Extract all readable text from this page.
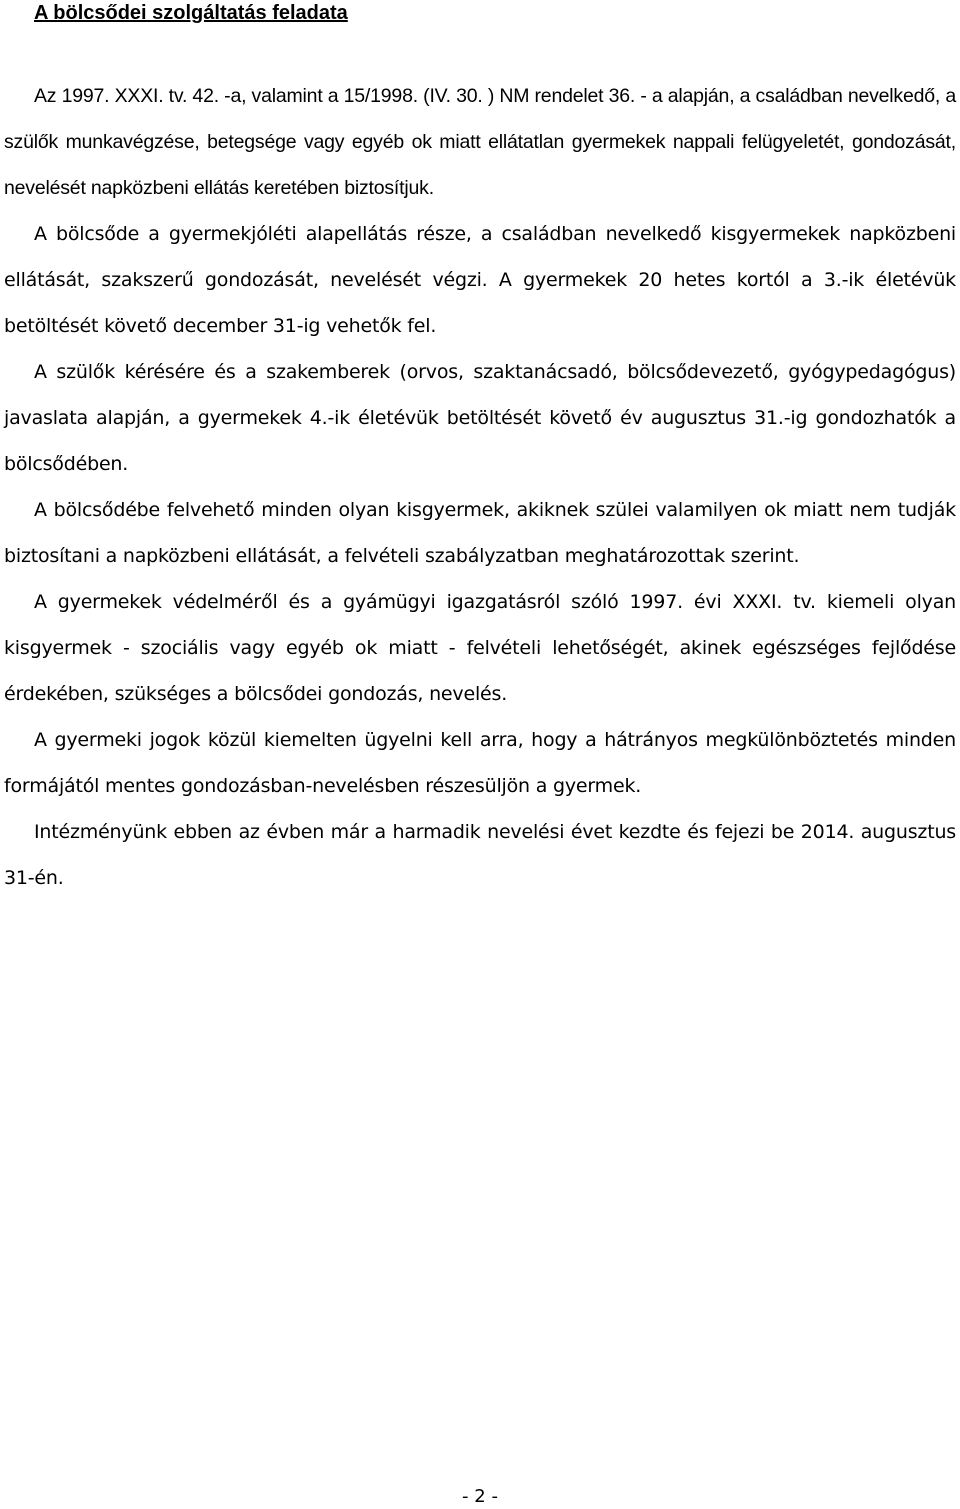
A bölcsődei szolgáltatás feladata

Az 1997. XXXI. tv. 42. -a, valamint a 15/1998. (IV. 30. ) NM rendelet 36. - a alapján, a családban nevelkedő, a szülők munkavégzése, betegsége vagy egyéb ok miatt ellátatlan gyermekek nappali felügyeletét, gondozását, nevelését napközbeni ellátás keretében biztosítjuk.

A bölcsőde a gyermekjóléti alapellátás része, a családban nevelkedő kisgyermekek napközbeni ellátását, szakszerű gondozását, nevelését végzi. A gyermekek 20 hetes kortól a 3.-ik életévük betöltését követő december 31-ig vehetők fel.

A szülők kérésére és a szakemberek (orvos, szaktanácsadó, bölcsődevezető, gyógypedagógus) javaslata alapján, a gyermekek 4.-ik életévük betöltését követő év augusztus 31.-ig gondozhatók a bölcsődében.

A bölcsődébe felvehető minden olyan kisgyermek, akiknek szülei valamilyen ok miatt nem tudják biztosítani a napközbeni ellátását, a felvételi szabályzatban meghatározottak szerint.

A gyermekek védelméről és a gyámügyi igazgatásról szóló 1997. évi XXXI. tv. kiemeli olyan kisgyermek - szociális vagy egyéb ok miatt - felvételi lehetőségét, akinek egészséges fejlődése érdekében, szükséges a bölcsődei gondozás, nevelés.

A gyermeki jogok közül kiemelten ügyelni kell arra, hogy a hátrányos megkülönböztetés minden formájától mentes gondozásban-nevelésben részesüljön a gyermek.

Intézményünk ebben az évben már a harmadik nevelési évet kezdte és fejezi be 2014. augusztus 31-én.

- 2 -
